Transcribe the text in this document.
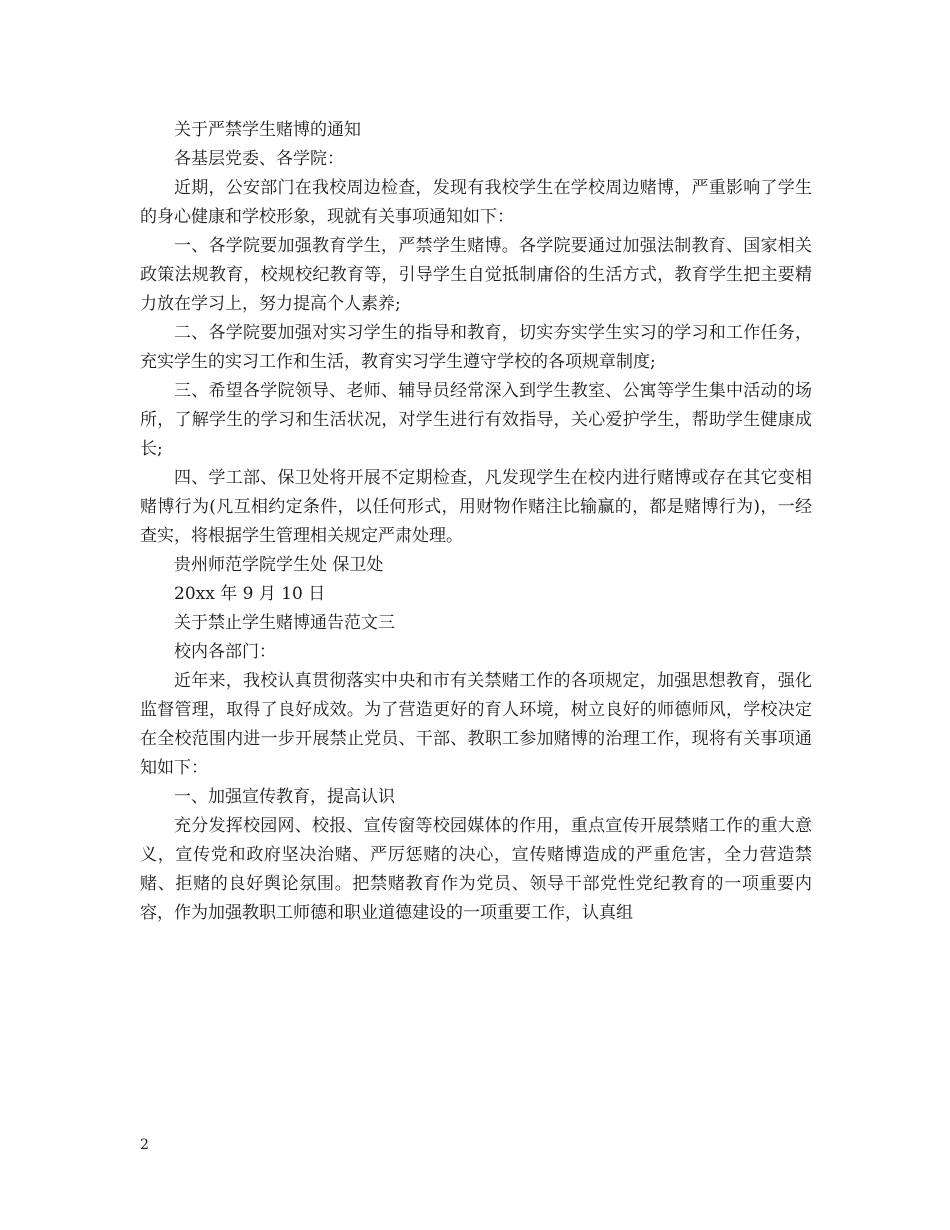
关于严禁学生赌博的通知

各基层党委、各学院：

近期，公安部门在我校周边检查，发现有我校学生在学校周边赌博，严重影响了学生的身心健康和学校形象，现就有关事项通知如下：

一、各学院要加强教育学生，严禁学生赌博。各学院要通过加强法制教育、国家相关政策法规教育，校规校纪教育等，引导学生自觉抵制庸俗的生活方式，教育学生把主要精力放在学习上，努力提高个人素养;

二、各学院要加强对实习学生的指导和教育，切实夯实学生实习的学习和工作任务，充实学生的实习工作和生活，教育实习学生遵守学校的各项规章制度;

三、希望各学院领导、老师、辅导员经常深入到学生教室、公寓等学生集中活动的场所，了解学生的学习和生活状况，对学生进行有效指导，关心爱护学生，帮助学生健康成长;

四、学工部、保卫处将开展不定期检查，凡发现学生在校内进行赌博或存在其它变相赌博行为(凡互相约定条件，以任何形式，用财物作赌注比输赢的，都是赌博行为)，一经查实，将根据学生管理相关规定严肃处理。

贵州师范学院学生处 保卫处

20xx 年 9 月 10 日

关于禁止学生赌博通告范文三

校内各部门：

近年来，我校认真贯彻落实中央和市有关禁赌工作的各项规定，加强思想教育，强化监督管理，取得了良好成效。为了营造更好的育人环境，树立良好的师德师风，学校决定在全校范围内进一步开展禁止党员、干部、教职工参加赌博的治理工作，现将有关事项通知如下：

一、加强宣传教育，提高认识

充分发挥校园网、校报、宣传窗等校园媒体的作用，重点宣传开展禁赌工作的重大意义，宣传党和政府坚决治赌、严厉惩赌的决心，宣传赌博造成的严重危害，全力营造禁赌、拒赌的良好舆论氛围。把禁赌教育作为党员、领导干部党性党纪教育的一项重要内容，作为加强教职工师德和职业道德建设的一项重要工作，认真组

2
